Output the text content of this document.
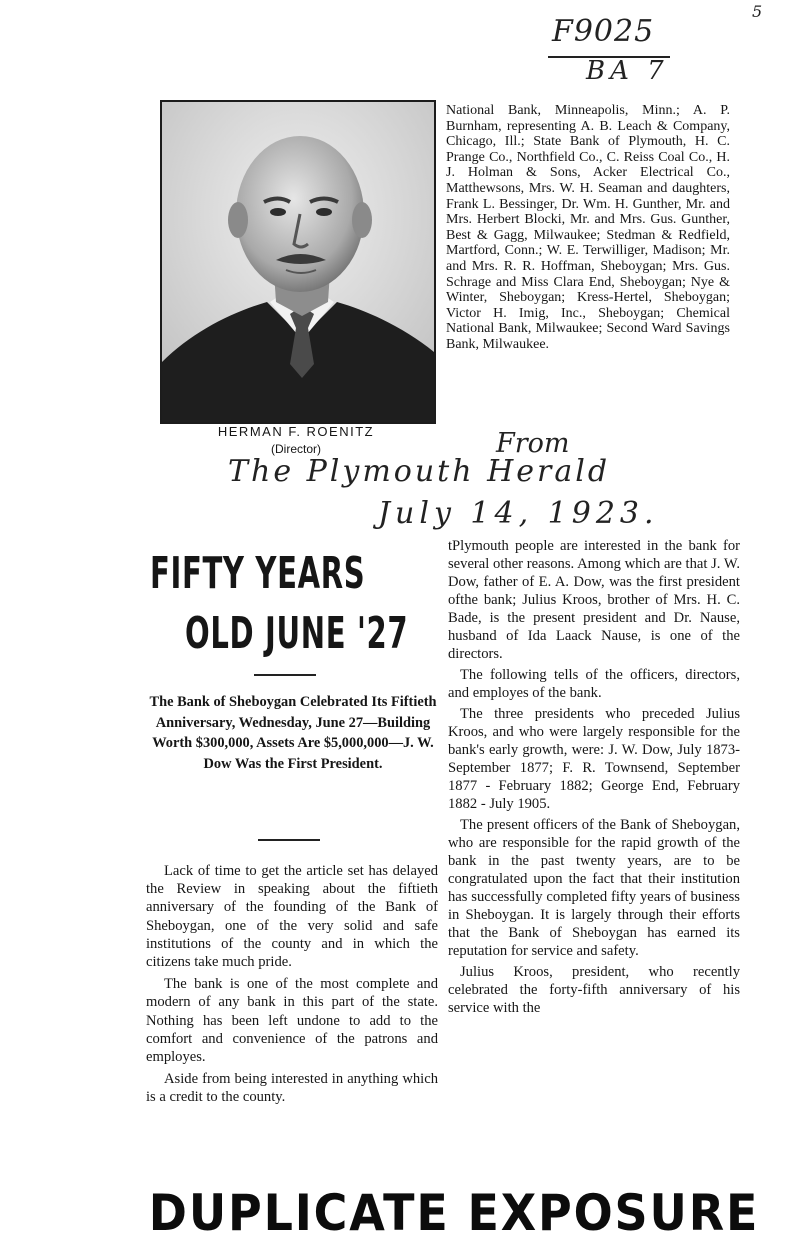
F9025
BA 7
5
HERMAN F. ROENITZ
(Director)

National Bank, Minneapolis, Minn.; A. P. Burnham, representing A. B. Leach & Company, Chicago, Ill.; State Bank of Plymouth, H. C. Prange Co., Northfield Co., C. Reiss Coal Co., H. J. Holman & Sons, Acker Electrical Co., Matthewsons, Mrs. W. H. Seaman and daughters, Frank L. Bessinger, Dr. Wm. H. Gunther, Mr. and Mrs. Herbert Blocki, Mr. and Mrs. Gus. Gunther, Best & Gagg, Milwaukee; Stedman & Redfield, Martford, Conn.; W. E. Terwilliger, Madison; Mr. and Mrs. R. R. Hoffman, Sheboygan; Mrs. Gus. Schrage and Miss Clara End, Sheboygan; Nye & Winter, Sheboygan; Kress-Hertel, Sheboygan; Victor H. Imig, Inc., Sheboygan; Chemical National Bank, Milwaukee; Second Ward Savings Bank, Milwaukee.

From
The Plymouth Herald
July 14, 1923.
FIFTY YEARS
OLD JUNE '27

The Bank of Sheboygan Celebrated Its Fiftieth Anniversary, Wednesday, June 27—Building Worth $300,000, Assets Are $5,000,000—J. W. Dow Was the First President.

Lack of time to get the article set has delayed the Review in speaking about the fiftieth anniversary of the founding of the Bank of Sheboygan, one of the very solid and safe institutions of the county and in which the citizens take much pride.

The bank is one of the most complete and modern of any bank in this part of the state. Nothing has been left undone to add to the comfort and convenience of the patrons and employes.

Aside from being interested in anything which is a credit to the county.

tPlymouth people are interested in the bank for several other reasons. Among which are that J. W. Dow, father of E. A. Dow, was the first president ofthe bank; Julius Kroos, brother of Mrs. H. C. Bade, is the present president and Dr. Nause, husband of Ida Laack Nause, is one of the directors.

The following tells of the officers, directors, and employes of the bank.

The three presidents who preceded Julius Kroos, and who were largely responsible for the bank's early growth, were: J. W. Dow, July 1873-September 1877; F. R. Townsend, September 1877 - February 1882; George End, February 1882 - July 1905.

The present officers of the Bank of Sheboygan, who are responsible for the rapid growth of the bank in the past twenty years, are to be congratulated upon the fact that their institution has successfully completed fifty years of business in Sheboygan. It is largely through their efforts that the Bank of Sheboygan has earned its reputation for service and safety.

Julius Kroos, president, who recently celebrated the forty-fifth anniversary of his service with the

DUPLICATE EXPOSURE
